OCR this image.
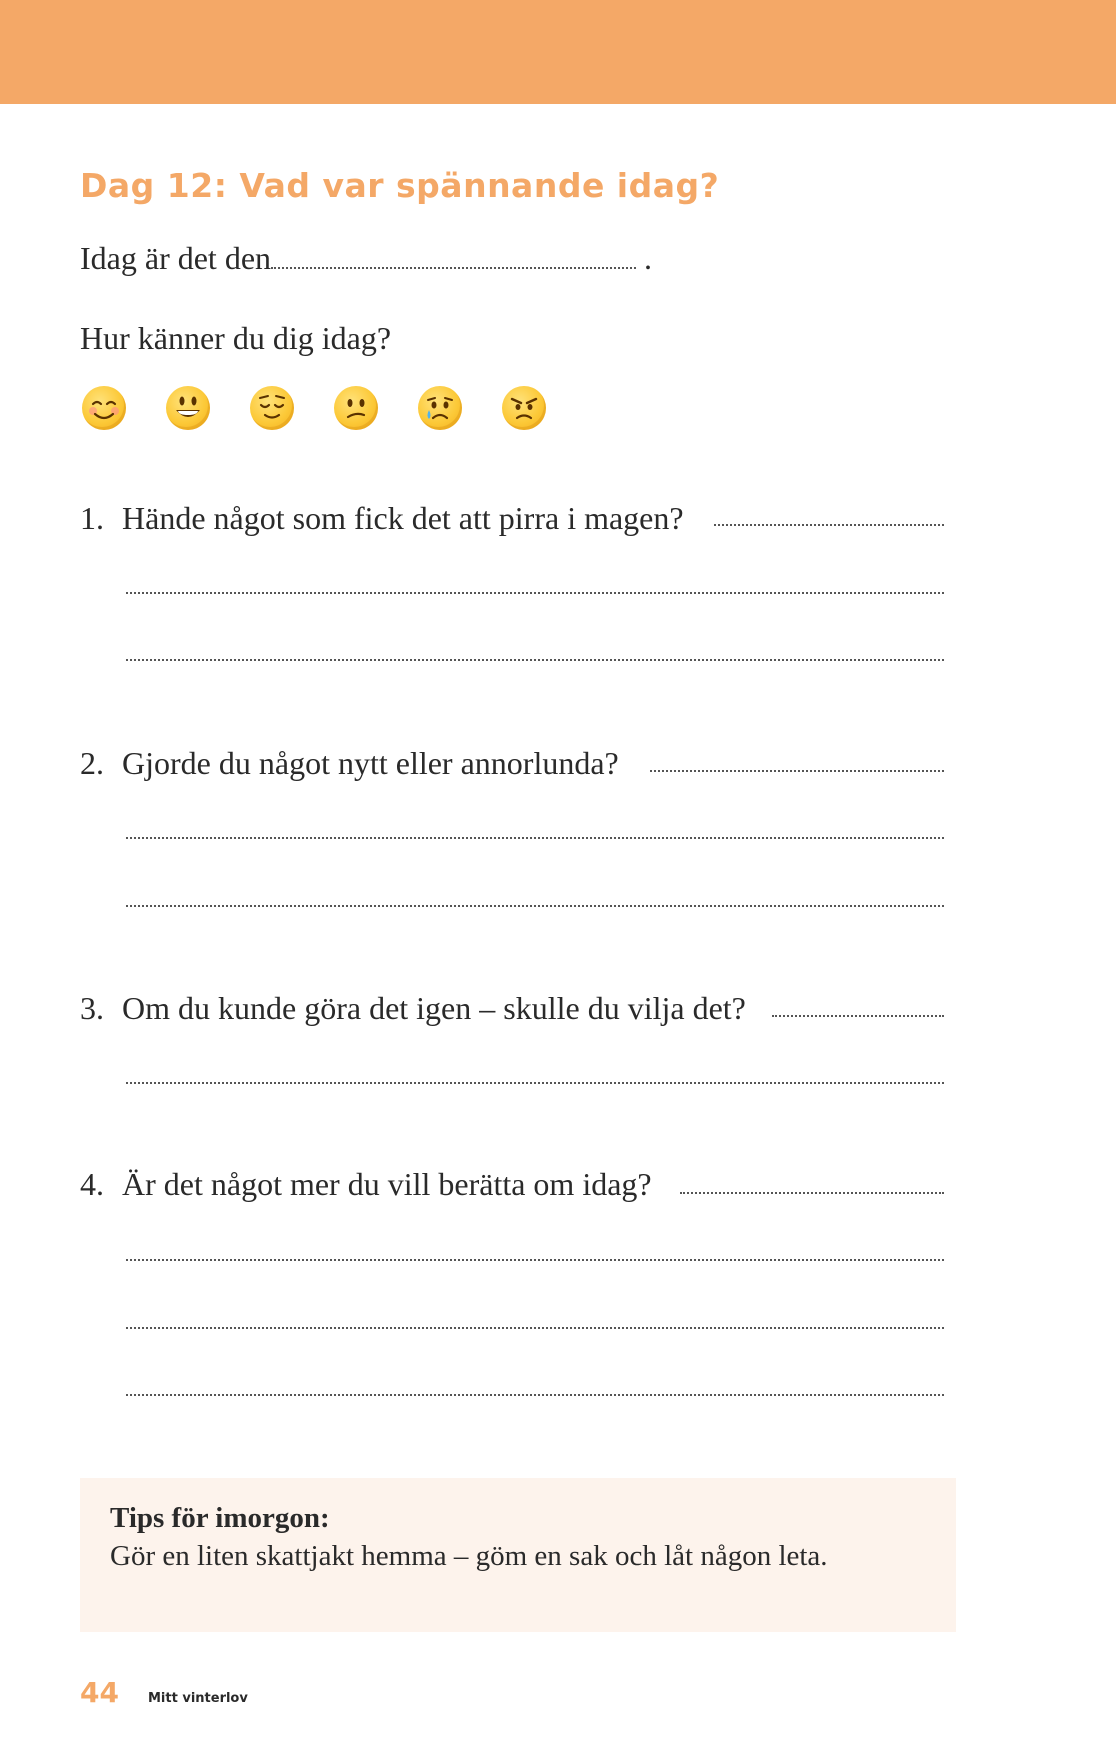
Dag 12: Vad var spännande idag?
Idag är det den	.
Hur känner du dig idag?
1. Hände något som fick det att pirra i magen?
2. Gjorde du något nytt eller annorlunda?
3. Om du kunde göra det igen – skulle du vilja det?
4. Är det något mer du vill berätta om idag?
Tips för imorgon:
Gör en liten skattjakt hemma – göm en sak och låt någon leta.
44 Mitt vinterlov
